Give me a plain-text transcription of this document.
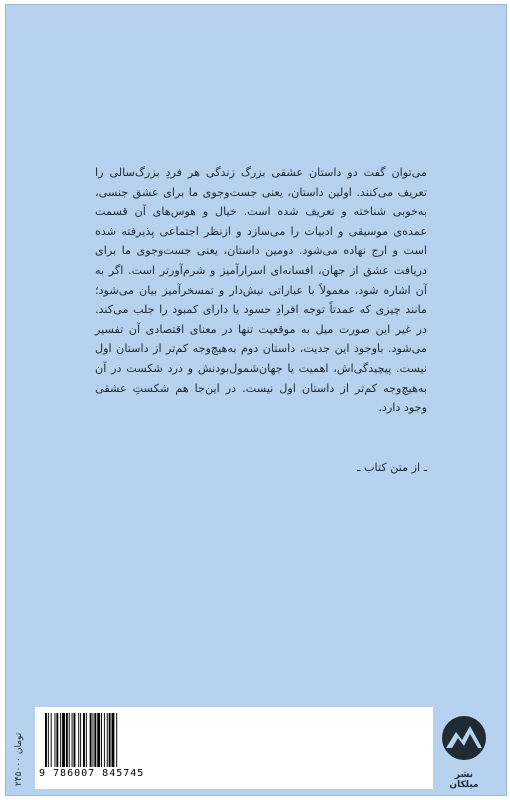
می‌توان گفت دو داستان عشقی بزرگ زندگی هر فردِ بزرگ‌سالی را تعریف می‌کنند. اولین داستان، یعنی جست‌وجوی ما برای عشق جنسی، به‌خوبی شناخته و تعریف شده است. خیال و هوس‌های آن قسمت عمده‌ی موسیقی و ادبیات را می‌سازد و ازنظر اجتماعی پذیرفته شده است و ارج نهاده می‌شود. دومین داستان، یعنی جست‌وجوی ما برای دریافت عشق از جهان، افسانه‌ای اسرارآمیز و شرم‌آورتر است. اگر به آن اشاره شود، معمولاً با عباراتی نیش‌دار و تمسخرآمیز بیان می‌شود؛ مانند چیزی که عمدتاً توجه افرادِ حسود یا دارای کمبود را جلب می‌کند. در غیر این صورت میل به موقعیت تنها در معنای اقتصادی آن تفسیر می‌شود. باوجود این جدیت، داستان دوم به‌هیچ‌وجه کم‌تر از داستان اول نیست. پیچیدگی‌اش، اهمیت یا جهان‌شمول‌بودنش و درد شکست در آن به‌هیچ‌وجه کم‌تر از داستان اول نیست. در این‌جا هم شکستِ عشقی وجود دارد.

ـ از متن کتاب ـ
۲۴۵۰۰۰ تومان
9 786007 845745	نشر میلکان
